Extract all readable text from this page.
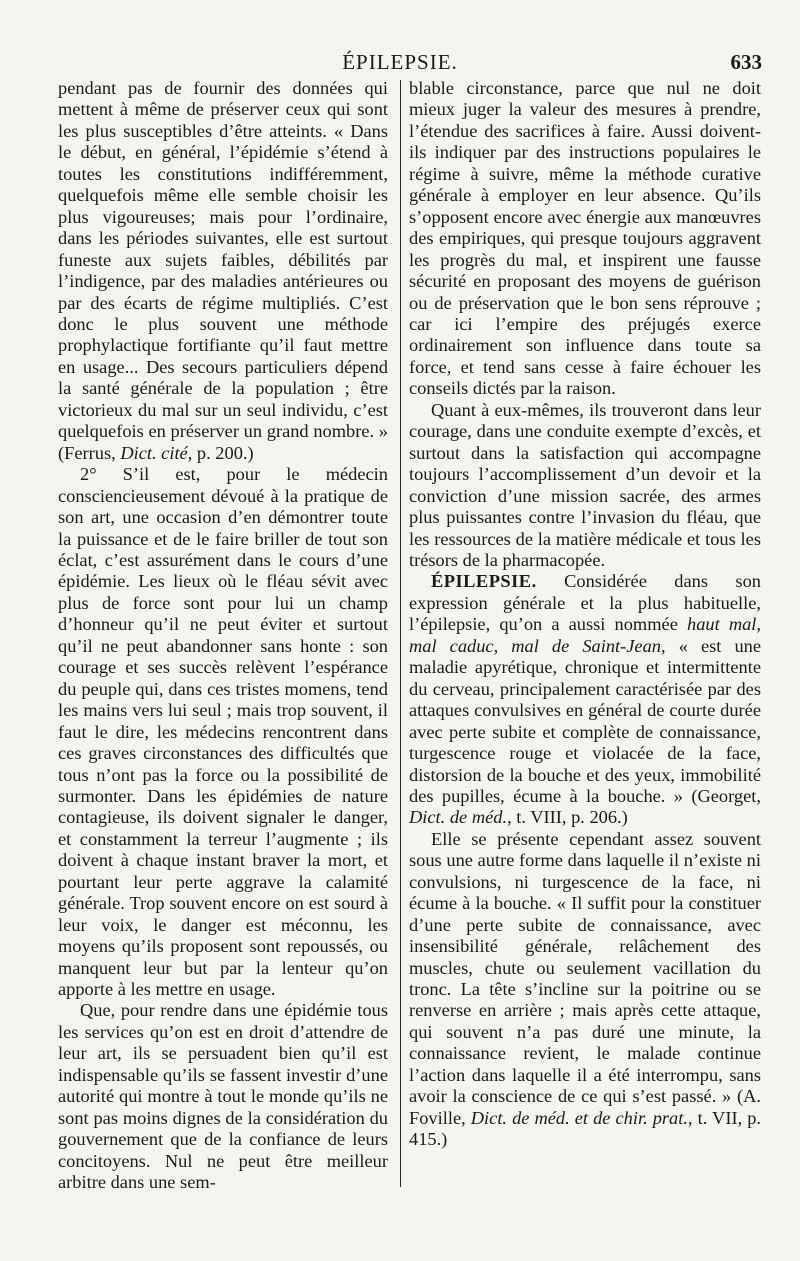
ÉPILEPSIE.	633

pendant pas de fournir des données qui mettent à même de préserver ceux qui sont les plus susceptibles d’être atteints. « Dans le début, en général, l’épidémie s’étend à toutes les constitutions indifféremment, quelquefois même elle semble choisir les plus vigoureuses; mais pour l’ordinaire, dans les périodes suivantes, elle est surtout funeste aux sujets faibles, débilités par l’indigence, par des maladies antérieures ou par des écarts de régime multipliés. C’est donc le plus souvent une méthode prophylactique fortifiante qu’il faut mettre en usage... Des secours particuliers dépend la santé générale de la population ; être victorieux du mal sur un seul individu, c’est quelquefois en préserver un grand nombre. » (Ferrus, Dict. cité, p. 200.)

2° S’il est, pour le médecin consciencieusement dévoué à la pratique de son art, une occasion d’en démontrer toute la puissance et de le faire briller de tout son éclat, c’est assurément dans le cours d’une épidémie. Les lieux où le fléau sévit avec plus de force sont pour lui un champ d’honneur qu’il ne peut éviter et surtout qu’il ne peut abandonner sans honte : son courage et ses succès relèvent l’espérance du peuple qui, dans ces tristes momens, tend les mains vers lui seul ; mais trop souvent, il faut le dire, les médecins rencontrent dans ces graves circonstances des difficultés que tous n’ont pas la force ou la possibilité de surmonter. Dans les épidémies de nature contagieuse, ils doivent signaler le danger, et constamment la terreur l’augmente ; ils doivent à chaque instant braver la mort, et pourtant leur perte aggrave la calamité générale. Trop souvent encore on est sourd à leur voix, le danger est méconnu, les moyens qu’ils proposent sont repoussés, ou manquent leur but par la lenteur qu’on apporte à les mettre en usage.

Que, pour rendre dans une épidémie tous les services qu’on est en droit d’attendre de leur art, ils se persuadent bien qu’il est indispensable qu’ils se fassent investir d’une autorité qui montre à tout le monde qu’ils ne sont pas moins dignes de la considération du gouvernement que de la confiance de leurs concitoyens. Nul ne peut être meilleur arbitre dans une sem-

blable circonstance, parce que nul ne doit mieux juger la valeur des mesures à prendre, l’étendue des sacrifices à faire. Aussi doivent-ils indiquer par des instructions populaires le régime à suivre, même la méthode curative générale à employer en leur absence. Qu’ils s’opposent encore avec énergie aux manœuvres des empiriques, qui presque toujours aggravent les progrès du mal, et inspirent une fausse sécurité en proposant des moyens de guérison ou de préservation que le bon sens réprouve ; car ici l’empire des préjugés exerce ordinairement son influence dans toute sa force, et tend sans cesse à faire échouer les conseils dictés par la raison.

Quant à eux-mêmes, ils trouveront dans leur courage, dans une conduite exempte d’excès, et surtout dans la satisfaction qui accompagne toujours l’accomplissement d’un devoir et la conviction d’une mission sacrée, des armes plus puissantes contre l’invasion du fléau, que les ressources de la matière médicale et tous les trésors de la pharmacopée.

ÉPILEPSIE. Considérée dans son expression générale et la plus habituelle, l’épilepsie, qu’on a aussi nommée haut mal, mal caduc, mal de Saint-Jean, « est une maladie apyrétique, chronique et intermittente du cerveau, principalement caractérisée par des attaques convulsives en général de courte durée avec perte subite et complète de connaissance, turgescence rouge et violacée de la face, distorsion de la bouche et des yeux, immobilité des pupilles, écume à la bouche. » (Georget, Dict. de méd., t. VIII, p. 206.)

Elle se présente cependant assez souvent sous une autre forme dans laquelle il n’existe ni convulsions, ni turgescence de la face, ni écume à la bouche. « Il suffit pour la constituer d’une perte subite de connaissance, avec insensibilité générale, relâchement des muscles, chute ou seulement vacillation du tronc. La tête s’incline sur la poitrine ou se renverse en arrière ; mais après cette attaque, qui souvent n’a pas duré une minute, la connaissance revient, le malade continue l’action dans laquelle il a été interrompu, sans avoir la conscience de ce qui s’est passé. » (A. Foville, Dict. de méd. et de chir. prat., t. VII, p. 415.)
